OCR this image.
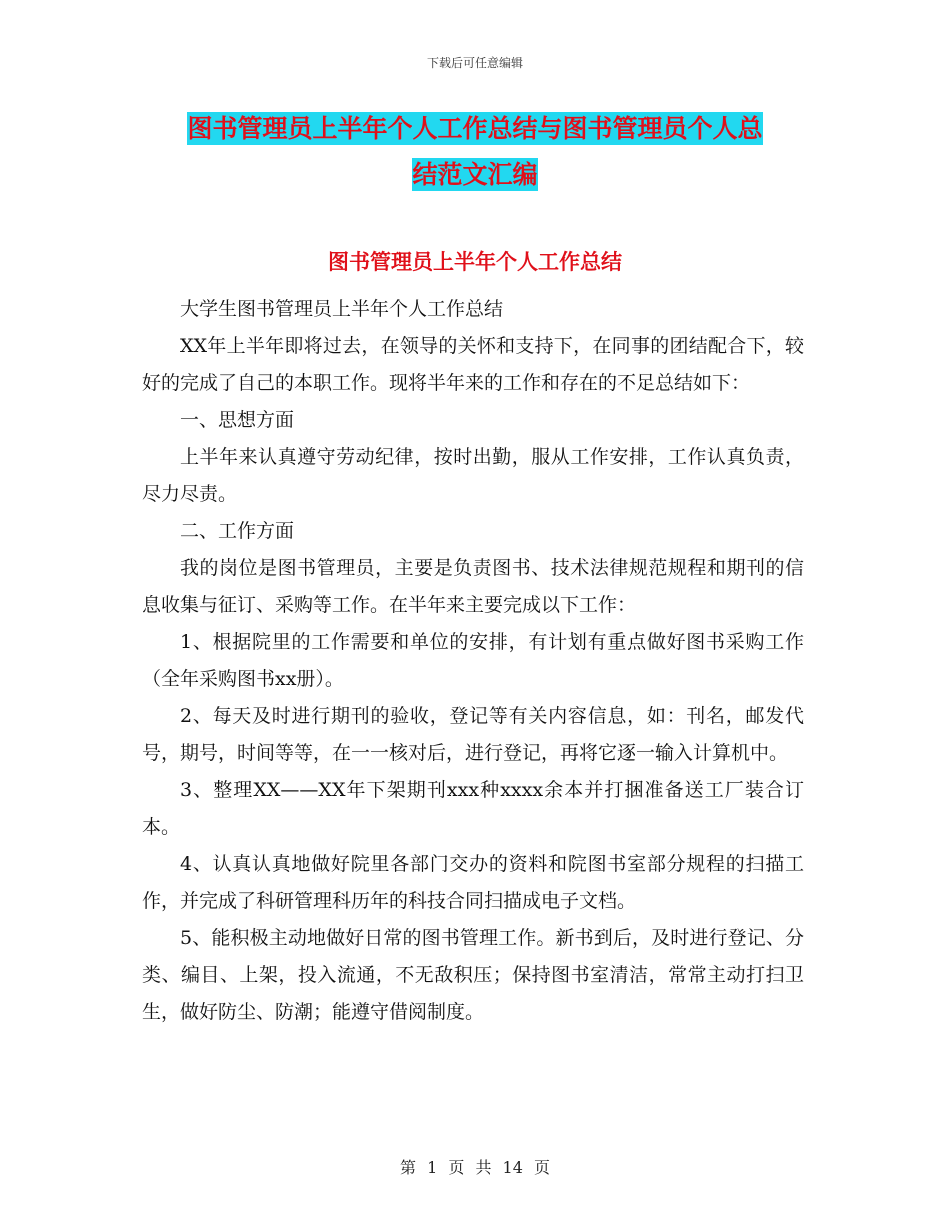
下载后可任意编辑
图书管理员上半年个人工作总结与图书管理员个人总
结范文汇编
图书管理员上半年个人工作总结

大学生图书管理员上半年个人工作总结

XX年上半年即将过去，在领导的关怀和支持下，在同事的团结配合下，较好的完成了自己的本职工作。现将半年来的工作和存在的不足总结如下：

一、思想方面

上半年来认真遵守劳动纪律，按时出勤，服从工作安排，工作认真负责，尽力尽责。

二、工作方面

我的岗位是图书管理员，主要是负责图书、技术法律规范规程和期刊的信息收集与征订、采购等工作。在半年来主要完成以下工作：

1、根据院里的工作需要和单位的安排，有计划有重点做好图书采购工作（全年采购图书xx册）。

2、每天及时进行期刊的验收，登记等有关内容信息，如：刊名，邮发代号，期号，时间等等，在一一核对后，进行登记，再将它逐一输入计算机中。

3、整理XX——XX年下架期刊xxx种xxxx余本并打捆准备送工厂装合订本。

4、认真认真地做好院里各部门交办的资料和院图书室部分规程的扫描工作，并完成了科研管理科历年的科技合同扫描成电子文档。

5、能积极主动地做好日常的图书管理工作。新书到后，及时进行登记、分类、编目、上架，投入流通，不无敌积压；保持图书室清洁，常常主动打扫卫生，做好防尘、防潮；能遵守借阅制度。

第 1 页 共 14 页
